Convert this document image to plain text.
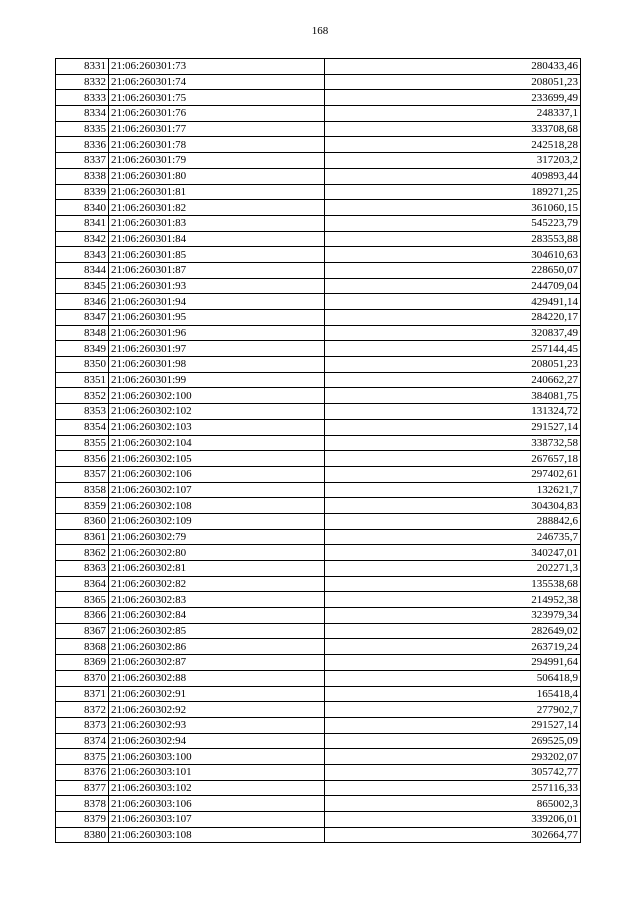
168
8331	21:06:260301:73	280433,46
8332	21:06:260301:74	208051,23
8333	21:06:260301:75	233699,49
8334	21:06:260301:76	248337,1
8335	21:06:260301:77	333708,68
8336	21:06:260301:78	242518,28
8337	21:06:260301:79	317203,2
8338	21:06:260301:80	409893,44
8339	21:06:260301:81	189271,25
8340	21:06:260301:82	361060,15
8341	21:06:260301:83	545223,79
8342	21:06:260301:84	283553,88
8343	21:06:260301:85	304610,63
8344	21:06:260301:87	228650,07
8345	21:06:260301:93	244709,04
8346	21:06:260301:94	429491,14
8347	21:06:260301:95	284220,17
8348	21:06:260301:96	320837,49
8349	21:06:260301:97	257144,45
8350	21:06:260301:98	208051,23
8351	21:06:260301:99	240662,27
8352	21:06:260302:100	384081,75
8353	21:06:260302:102	131324,72
8354	21:06:260302:103	291527,14
8355	21:06:260302:104	338732,58
8356	21:06:260302:105	267657,18
8357	21:06:260302:106	297402,61
8358	21:06:260302:107	132621,7
8359	21:06:260302:108	304304,83
8360	21:06:260302:109	288842,6
8361	21:06:260302:79	246735,7
8362	21:06:260302:80	340247,01
8363	21:06:260302:81	202271,3
8364	21:06:260302:82	135538,68
8365	21:06:260302:83	214952,38
8366	21:06:260302:84	323979,34
8367	21:06:260302:85	282649,02
8368	21:06:260302:86	263719,24
8369	21:06:260302:87	294991,64
8370	21:06:260302:88	506418,9
8371	21:06:260302:91	165418,4
8372	21:06:260302:92	277902,7
8373	21:06:260302:93	291527,14
8374	21:06:260302:94	269525,09
8375	21:06:260303:100	293202,07
8376	21:06:260303:101	305742,77
8377	21:06:260303:102	257116,33
8378	21:06:260303:106	865002,3
8379	21:06:260303:107	339206,01
8380	21:06:260303:108	302664,77
